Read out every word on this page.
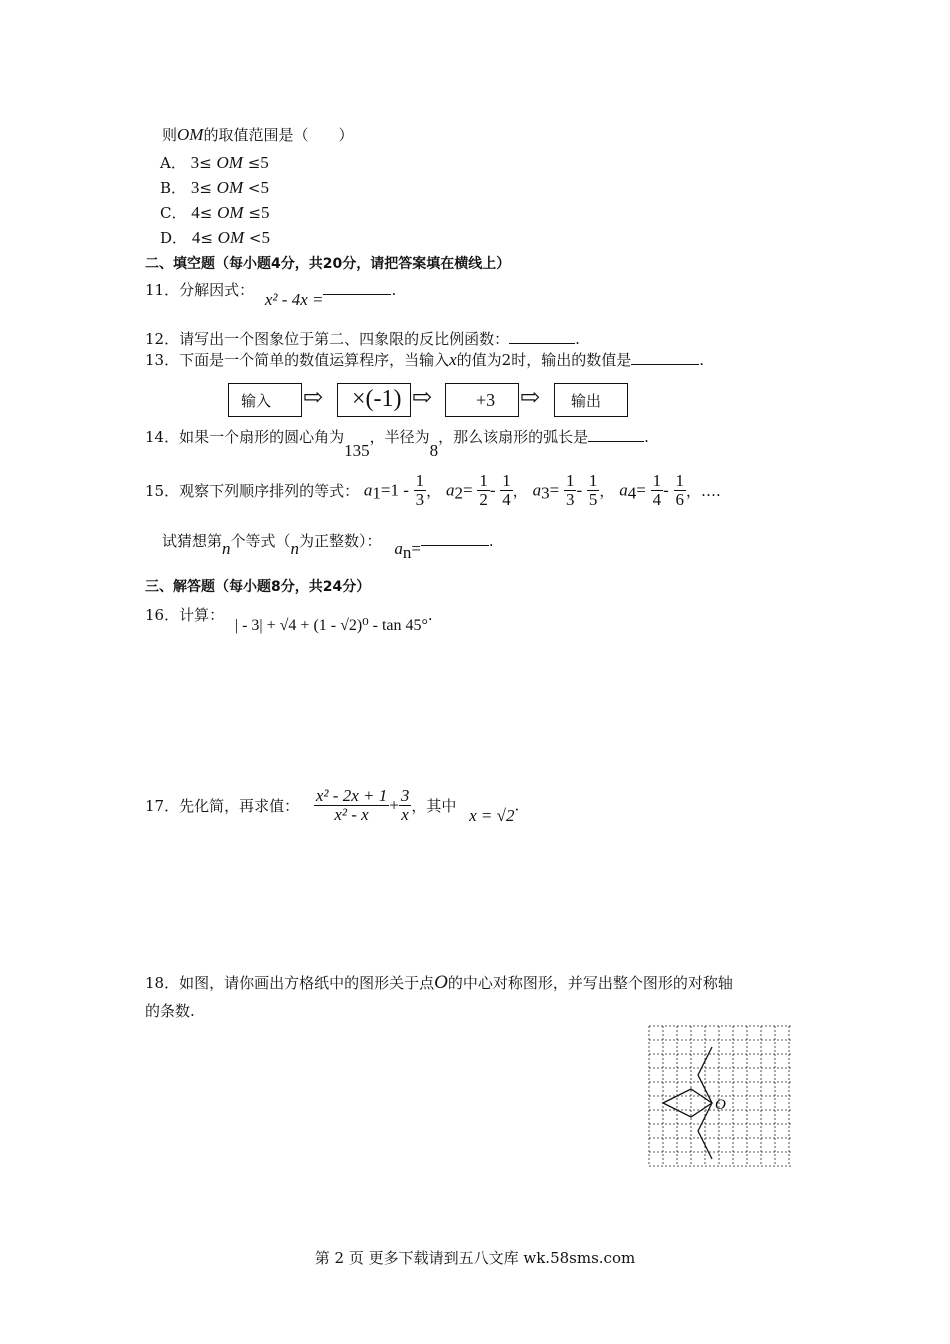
则OM的取值范围是（　　）
A． 3≤ OM ≤5
B． 3≤ OM <5
C． 4≤ OM ≤5
D． 4≤ OM <5
二、填空题（每小题4分，共20分，请把答案填在横线上）
11．分解因式： x² - 4x =	.
12．请写出一个图象位于第二、四象限的反比例函数：	.
13．下面是一个简单的数值运算程序，当输入x的值为2时，输出的数值是	.
输入 ⇨ ×(-1) ⇨ +3 ⇨ 输出
14．如果一个扇形的圆心角为135，半径为8，那么该扇形的弧长是	.
15．观察下列顺序排列的等式： $a_1=1 - \frac{1}{3}$ ， $a_2= \frac{1}{2} - \frac{1}{4}$ ， $a_3= \frac{1}{3} - \frac{1}{5}$ ， $a_4= \frac{1}{4} - \frac{1}{6}$ ，….
试猜想第n个等式（n为正整数）： $a_n=$	.
三、解答题（每小题8分，共24分）
16．计算： | - 3| + √4 + (1 - √2)⁰ - tan 45°.
17．先化简，再求值： $\frac{\text{x² - 2x + 1}}{\text{x² - x}} + \frac{3}{x}$ ，其中 x = √2.
18．如图，请你画出方格纸中的图形关于点O的中心对称图形，并写出整个图形的对称轴
的条数.
O
第 2 页 更多下载请到五八文库 wk.58sms.com
